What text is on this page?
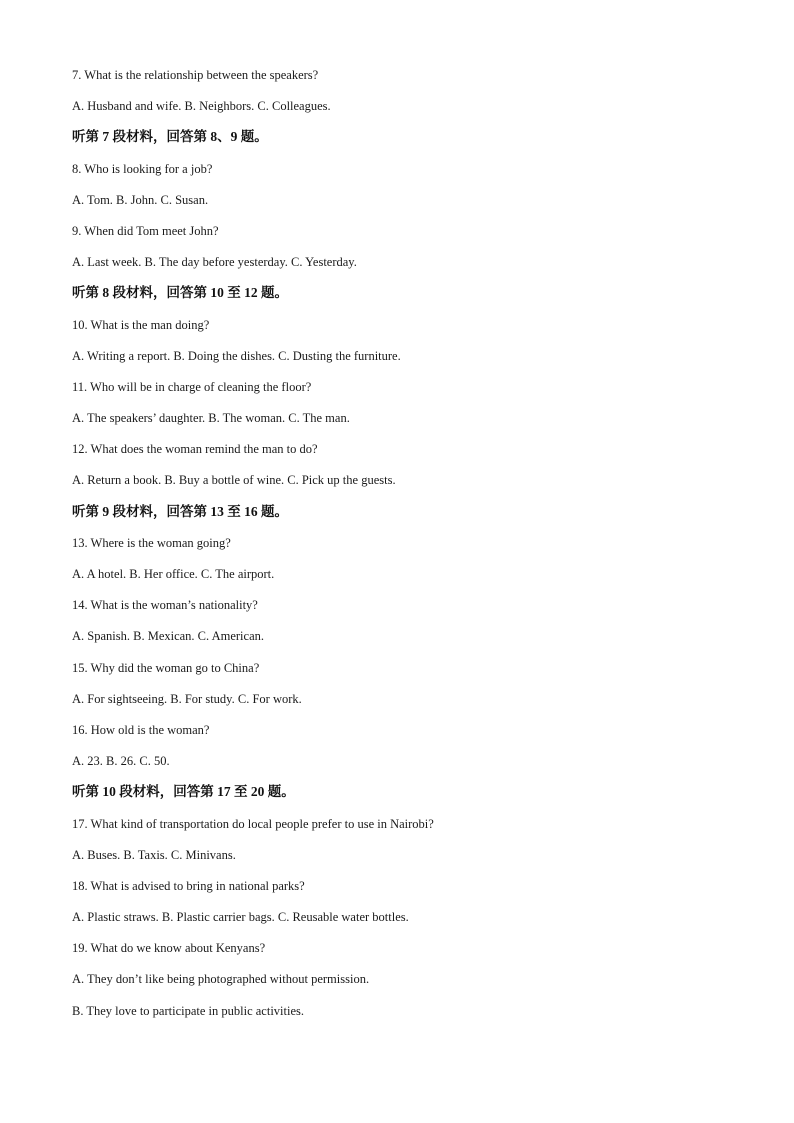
7. What is the relationship between the speakers?
A. Husband and wife. B. Neighbors. C. Colleagues.
听第 7 段材料，回答第 8、9 题。
8. Who is looking for a job?
A. Tom. B. John. C. Susan.
9. When did Tom meet John?
A. Last week. B. The day before yesterday. C. Yesterday.
听第 8 段材料，回答第 10 至 12 题。
10. What is the man doing?
A. Writing a report. B. Doing the dishes. C. Dusting the furniture.
11. Who will be in charge of cleaning the floor?
A. The speakers’ daughter. B. The woman. C. The man.
12. What does the woman remind the man to do?
A. Return a book. B. Buy a bottle of wine. C. Pick up the guests.
听第 9 段材料，回答第 13 至 16 题。
13. Where is the woman going?
A. A hotel. B. Her office. C. The airport.
14. What is the woman’s nationality?
A. Spanish. B. Mexican. C. American.
15. Why did the woman go to China?
A. For sightseeing. B. For study. C. For work.
16. How old is the woman?
A. 23. B. 26. C. 50.
听第 10 段材料，回答第 17 至 20 题。
17. What kind of transportation do local people prefer to use in Nairobi?
A. Buses. B. Taxis. C. Minivans.
18. What is advised to bring in national parks?
A. Plastic straws. B. Plastic carrier bags. C. Reusable water bottles.
19. What do we know about Kenyans?
A. They don’t like being photographed without permission.
B. They love to participate in public activities.
